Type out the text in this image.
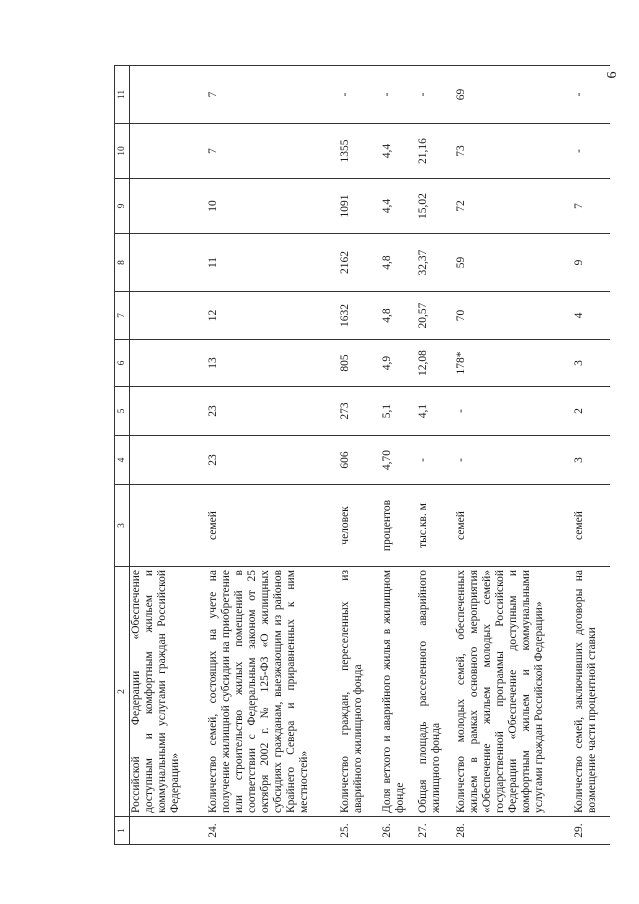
6
1
2
3
4
5
6
7
8
9
10
11
Российской Федерации «Обеспечение доступным и комфортным жильем и коммунальными услугами граждан Российской Федерации»
24.
Количество семей, состоящих на учете на получение жилищной субсидии на приобретение или строительство жилых помещений в соответствии с Федеральным законом от 25 октября 2002 г. № 125-ФЗ «О жилищных субсидиях гражданам, выезжающим из районов Крайнего Севера и приравненных к ним местностей»
семей
23
23
13
12
11
10
7
7
25.
Количество граждан, переселенных из аварийного жилищного фонда
человек
606
273
805
1632
2162
1091
1355
-
26.
Доля ветхого и аварийного жилья в жилищном фонде
процентов
4,70
5,1
4,9
4,8
4,8
4,4
4,4
-
27.
Общая площадь расселенного аварийного жилищного фонда
тыс.кв. м
-
4,1
12,08
20,57
32,37
15,02
21,16
-
28.
Количество молодых семей, обеспеченных жильем в рамках основного мероприятия «Обеспечение жильем молодых семей» государственной программы Российской Федерации «Обеспечение доступным и комфортным жильем и коммунальными услугами граждан Российской Федерации»
семей
-
-
178*
70
59
72
73
69
29.
Количество семей, заключивших договоры на возмещение части процентной ставки
семей
3
2
3
4
9
7
-
-
